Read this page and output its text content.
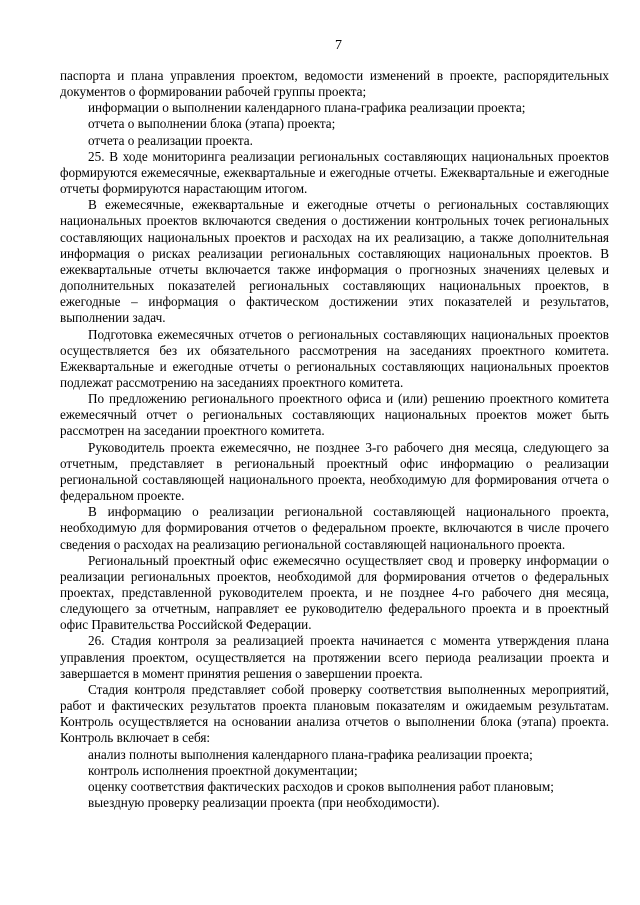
7

паспорта и плана управления проектом, ведомости изменений в проекте, распорядительных документов о формировании рабочей группы проекта;

информации о выполнении календарного плана-графика реализации проекта;

отчета о выполнении блока (этапа) проекта;

отчета о реализации проекта.

25. В ходе мониторинга реализации региональных составляющих национальных проектов формируются ежемесячные, ежеквартальные и ежегодные отчеты. Ежеквартальные и ежегодные отчеты формируются нарастающим итогом.

В ежемесячные, ежеквартальные и ежегодные отчеты о региональных составляющих национальных проектов включаются сведения о достижении контрольных точек региональных составляющих национальных проектов и расходах на их реализацию, а также дополнительная информация о рисках реализации региональных составляющих национальных проектов. В ежеквартальные отчеты включается также информация о прогнозных значениях целевых и дополнительных показателей региональных составляющих национальных проектов, в ежегодные – информация о фактическом достижении этих показателей и результатов, выполнении задач.

Подготовка ежемесячных отчетов о региональных составляющих национальных проектов осуществляется без их обязательного рассмотрения на заседаниях проектного комитета. Ежеквартальные и ежегодные отчеты о региональных составляющих национальных проектов подлежат рассмотрению на заседаниях проектного комитета.

По предложению регионального проектного офиса и (или) решению проектного комитета ежемесячный отчет о региональных составляющих национальных проектов может быть рассмотрен на заседании проектного комитета.

Руководитель проекта ежемесячно, не позднее 3-го рабочего дня месяца, следующего за отчетным, представляет в региональный проектный офис информацию о реализации региональной составляющей национального проекта, необходимую для формирования отчета о федеральном проекте.

В информацию о реализации региональной составляющей национального проекта, необходимую для формирования отчетов о федеральном проекте, включаются в числе прочего сведения о расходах на реализацию региональной составляющей национального проекта.

Региональный проектный офис ежемесячно осуществляет свод и проверку информации о реализации региональных проектов, необходимой для формирования отчетов о федеральных проектах, представленной руководителем проекта, и не позднее 4-го рабочего дня месяца, следующего за отчетным, направляет ее руководителю федерального проекта и в проектный офис Правительства Российской Федерации.

26. Стадия контроля за реализацией проекта начинается с момента утверждения плана управления проектом, осуществляется на протяжении всего периода реализации проекта и завершается в момент принятия решения о завершении проекта.

Стадия контроля представляет собой проверку соответствия выполненных мероприятий, работ и фактических результатов проекта плановым показателям и ожидаемым результатам. Контроль осуществляется на основании анализа отчетов о выполнении блока (этапа) проекта. Контроль включает в себя:

анализ полноты выполнения календарного плана-графика реализации проекта;

контроль исполнения проектной документации;

оценку соответствия фактических расходов и сроков выполнения работ плановым;

выездную проверку реализации проекта (при необходимости).
